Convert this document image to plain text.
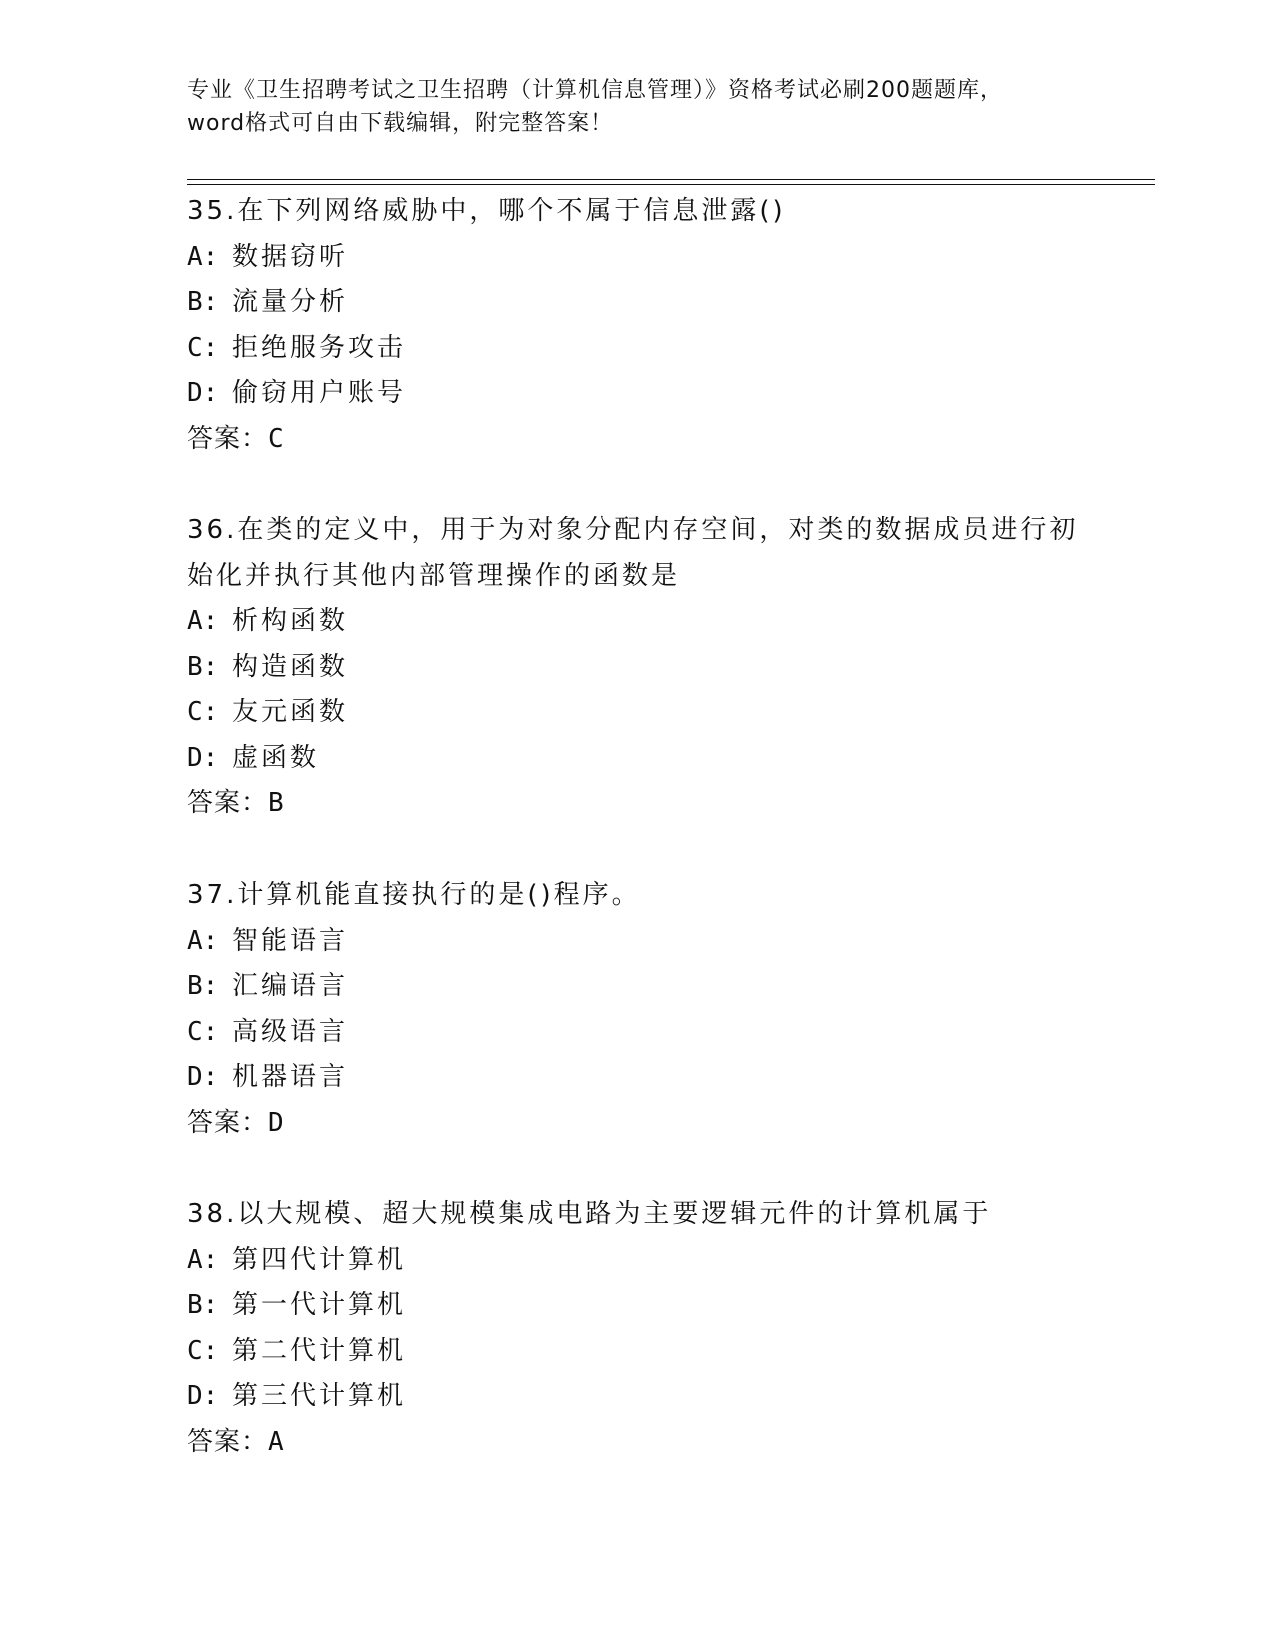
专业《卫生招聘考试之卫生招聘（计算机信息管理）》资格考试必刷200题题库，
word格式可自由下载编辑，附完整答案！
35.在下列网络威胁中，哪个不属于信息泄露()
A: 数据窃听
B: 流量分析
C: 拒绝服务攻击
D: 偷窃用户账号
答案：C
36.在类的定义中，用于为对象分配内存空间，对类的数据成员进行初始化并执行其他内部管理操作的函数是
A: 析构函数
B: 构造函数
C: 友元函数
D: 虚函数
答案：B
37.计算机能直接执行的是()程序。
A: 智能语言
B: 汇编语言
C: 高级语言
D: 机器语言
答案：D
38.以大规模、超大规模集成电路为主要逻辑元件的计算机属于
A: 第四代计算机
B: 第一代计算机
C: 第二代计算机
D: 第三代计算机
答案：A
